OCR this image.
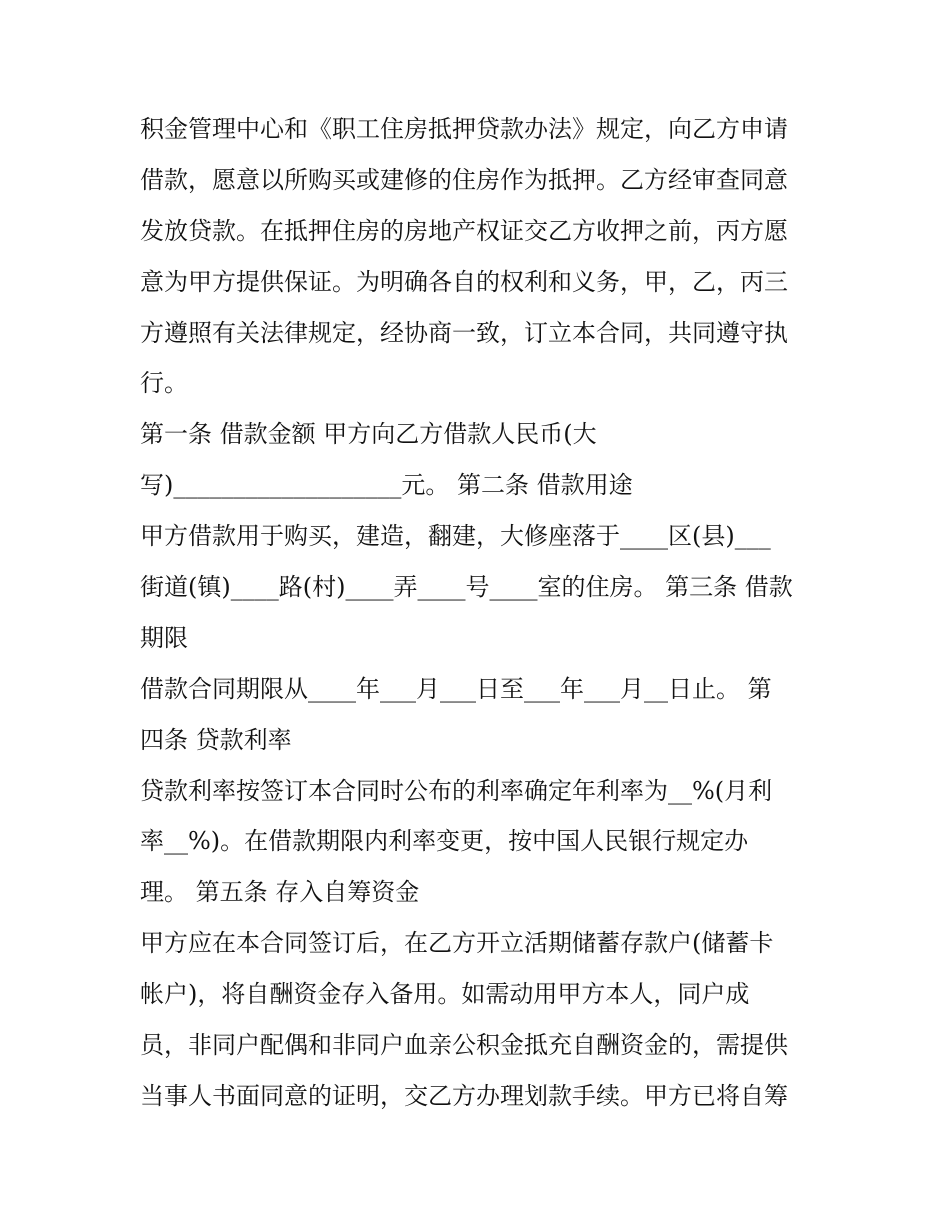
积金管理中心和《职工住房抵押贷款办法》规定，向乙方申请
借款，愿意以所购买或建修的住房作为抵押。乙方经审查同意
发放贷款。在抵押住房的房地产权证交乙方收押之前，丙方愿
意为甲方提供保证。为明确各自的权利和义务，甲，乙，丙三
方遵照有关法律规定，经协商一致，订立本合同，共同遵守执
行。
第一条 借款金额 甲方向乙方借款人民币(大
写)___________________元。 第二条 借款用途
甲方借款用于购买，建造，翻建，大修座落于____区(县)___
街道(镇)____路(村)____弄____号____室的住房。 第三条 借款
期限
借款合同期限从____年___月___日至___年___月__日止。 第
四条 贷款利率
贷款利率按签订本合同时公布的利率确定年利率为__%(月利
率__%)。在借款期限内利率变更，按中国人民银行规定办
理。 第五条 存入自筹资金
甲方应在本合同签订后，在乙方开立活期储蓄存款户(储蓄卡
帐户)，将自酬资金存入备用。如需动用甲方本人，同户成
员，非同户配偶和非同户血亲公积金抵充自酬资金的，需提供
当事人书面同意的证明，交乙方办理划款手续。甲方已将自筹
